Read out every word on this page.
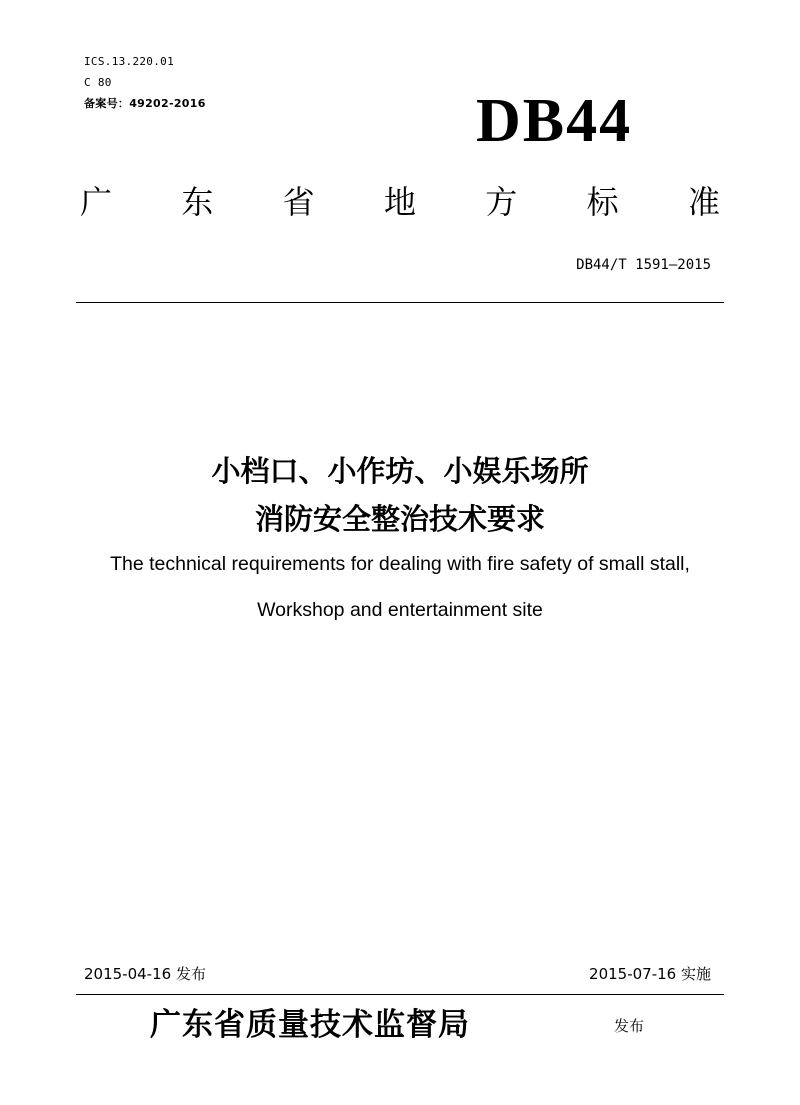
ICS.13.220.01
C 80
备案号：49202-2016	DB44
广 东 省 地 方 标 准
DB44/T 1591—2015
小档口、小作坊、小娱乐场所
消防安全整治技术要求
The technical requirements for dealing with fire safety of small stall,
Workshop and entertainment site
2015-04-16 发布	2015-07-16 实施
广东省质量技术监督局	发布
